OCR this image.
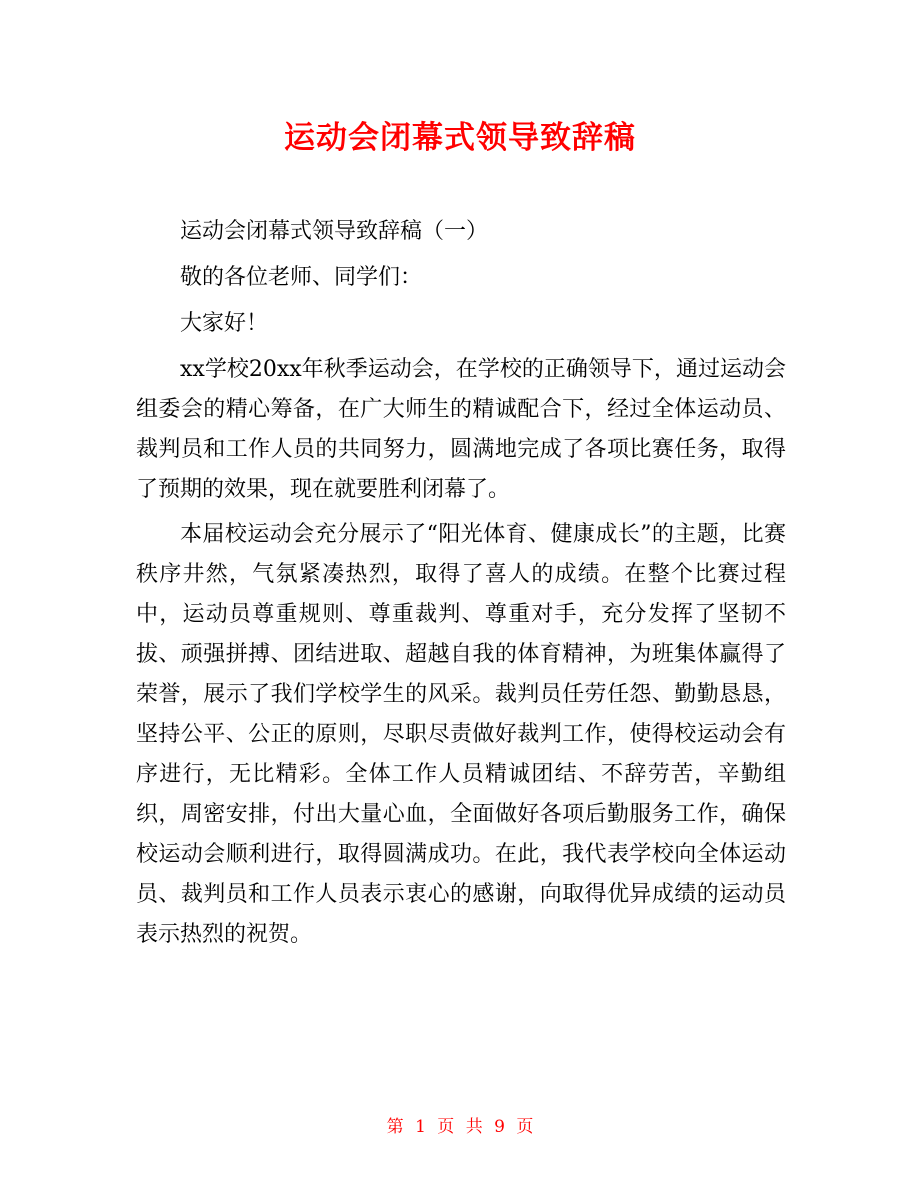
运动会闭幕式领导致辞稿

运动会闭幕式领导致辞稿（一）

敬的各位老师、同学们：

大家好！

xx学校20xx年秋季运动会，在学校的正确领导下，通过运动会组委会的精心筹备，在广大师生的精诚配合下，经过全体运动员、裁判员和工作人员的共同努力，圆满地完成了各项比赛任务，取得了预期的效果，现在就要胜利闭幕了。

本届校运动会充分展示了“阳光体育、健康成长”的主题，比赛秩序井然，气氛紧凑热烈，取得了喜人的成绩。在整个比赛过程中，运动员尊重规则、尊重裁判、尊重对手，充分发挥了坚韧不拔、顽强拼搏、团结进取、超越自我的体育精神，为班集体赢得了荣誉，展示了我们学校学生的风采。裁判员任劳任怨、勤勤恳恳，坚持公平、公正的原则，尽职尽责做好裁判工作，使得校运动会有序进行，无比精彩。全体工作人员精诚团结、不辞劳苦，辛勤组织，周密安排，付出大量心血，全面做好各项后勤服务工作，确保校运动会顺利进行，取得圆满成功。在此，我代表学校向全体运动员、裁判员和工作人员表示衷心的感谢，向取得优异成绩的运动员表示热烈的祝贺。

第 1 页 共 9 页
